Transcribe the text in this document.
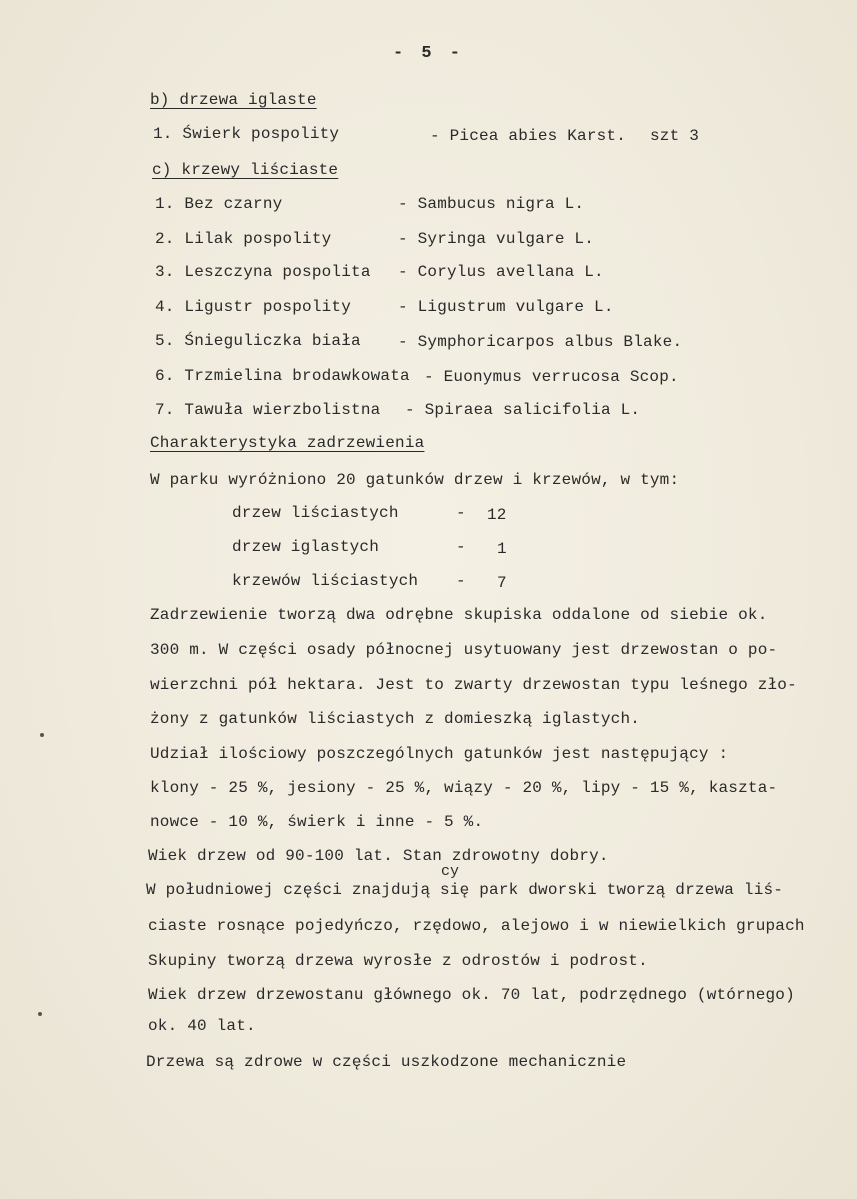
- 5 -
b) drzewa iglaste
1. Świerk pospolity	- Picea abies Karst. szt 3
c) krzewy liściaste
1. Bez czarny	- Sambucus nigra L.
2. Lilak pospolity	- Syringa vulgare L.
3. Leszczyna pospolita - Corylus avellana L.
4. Ligustr pospolity	- Ligustrum vulgare L.
5. Śnieguliczka biała - Symphoricarpos albus Blake.
6. Trzmielina brodawkowata - Euonymus verrucosa Scop.
7. Tawuła wierzbolistna - Spiraea salicifolia L.
Charakterystyka zadrzewienia
W parku wyróżniono 20 gatunków drzew i krzewów, w tym:
drzew liściastych	- 12
drzew iglastych	- 1
krzewów liściastych - 7
Zadrzewienie tworzą dwa odrębne skupiska oddalone od siebie ok.
300 m. W części osady północnej usytuowany jest drzewostan o po-
wierzchni pół hektara. Jest to zwarty drzewostan typu leśnego zło-
żony z gatunków liściastych z domieszką iglastych.
Udział ilościowy poszczególnych gatunków jest następujący :
klony - 25 %, jesiony - 25 %, wiązy - 20 %, lipy - 15 %, kaszta-
nowce - 10 %, świerk i inne - 5 %.
Wiek drzew od 90-100 lat. Stan zdrowotny dobry.
cy
W południowej części znajdują się park dworski tworzą drzewa liś-
ciaste rosnące pojedyńczo, rzędowo, alejowo i w niewielkich grupach
Skupiny tworzą drzewa wyrosłe z odrostów i podrost.
Wiek drzew drzewostanu głównego ok. 70 lat, podrzędnego (wtórnego)
ok. 40 lat.
Drzewa są zdrowe w części uszkodzone mechanicznie
